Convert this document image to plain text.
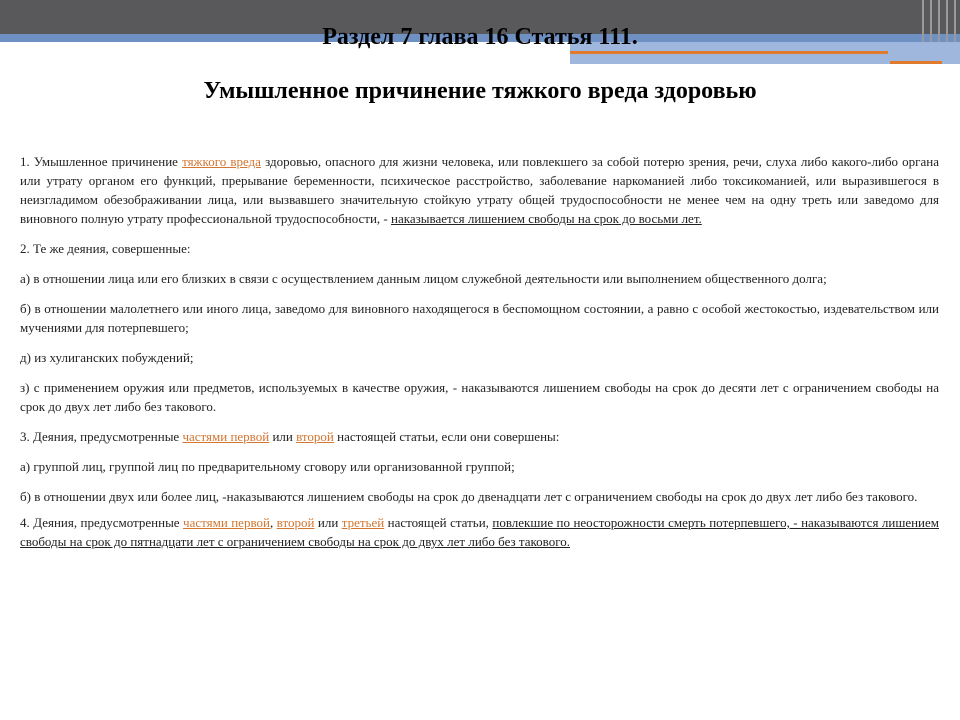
Раздел 7 глава 16 Статья 111.
Умышленное причинение тяжкого вреда здоровью

1. Умышленное причинение тяжкого вреда здоровью, опасного для жизни человека, или повлекшего за собой потерю зрения, речи, слуха либо какого-либо органа или утрату органом его функций, прерывание беременности, психическое расстройство, заболевание наркоманией либо токсикоманией, или выразившегося в неизгладимом обезображивании лица, или вызвавшего значительную стойкую утрату общей трудоспособности не менее чем на одну треть или заведомо для виновного полную утрату профессиональной трудоспособности, - наказывается лишением свободы на срок до восьми лет.

2. Те же деяния, совершенные:

а) в отношении лица или его близких в связи с осуществлением данным лицом служебной деятельности или выполнением общественного долга;

б) в отношении малолетнего или иного лица, заведомо для виновного находящегося в беспомощном состоянии, а равно с особой жестокостью, издевательством или мучениями для потерпевшего;

д) из хулиганских побуждений;

з) с применением оружия или предметов, используемых в качестве оружия, - наказываются лишением свободы на срок до десяти лет с ограничением свободы на срок до двух лет либо без такового.

3. Деяния, предусмотренные частями первой или второй настоящей статьи, если они совершены:

а) группой лиц, группой лиц по предварительному сговору или организованной группой;

б) в отношении двух или более лиц, -наказываются лишением свободы на срок до двенадцати лет с ограничением свободы на срок до двух лет либо без такового.

4. Деяния, предусмотренные частями первой, второй или третьей настоящей статьи, повлекшие по неосторожности смерть потерпевшего, - наказываются лишением свободы на срок до пятнадцати лет с ограничением свободы на срок до двух лет либо без такового.
